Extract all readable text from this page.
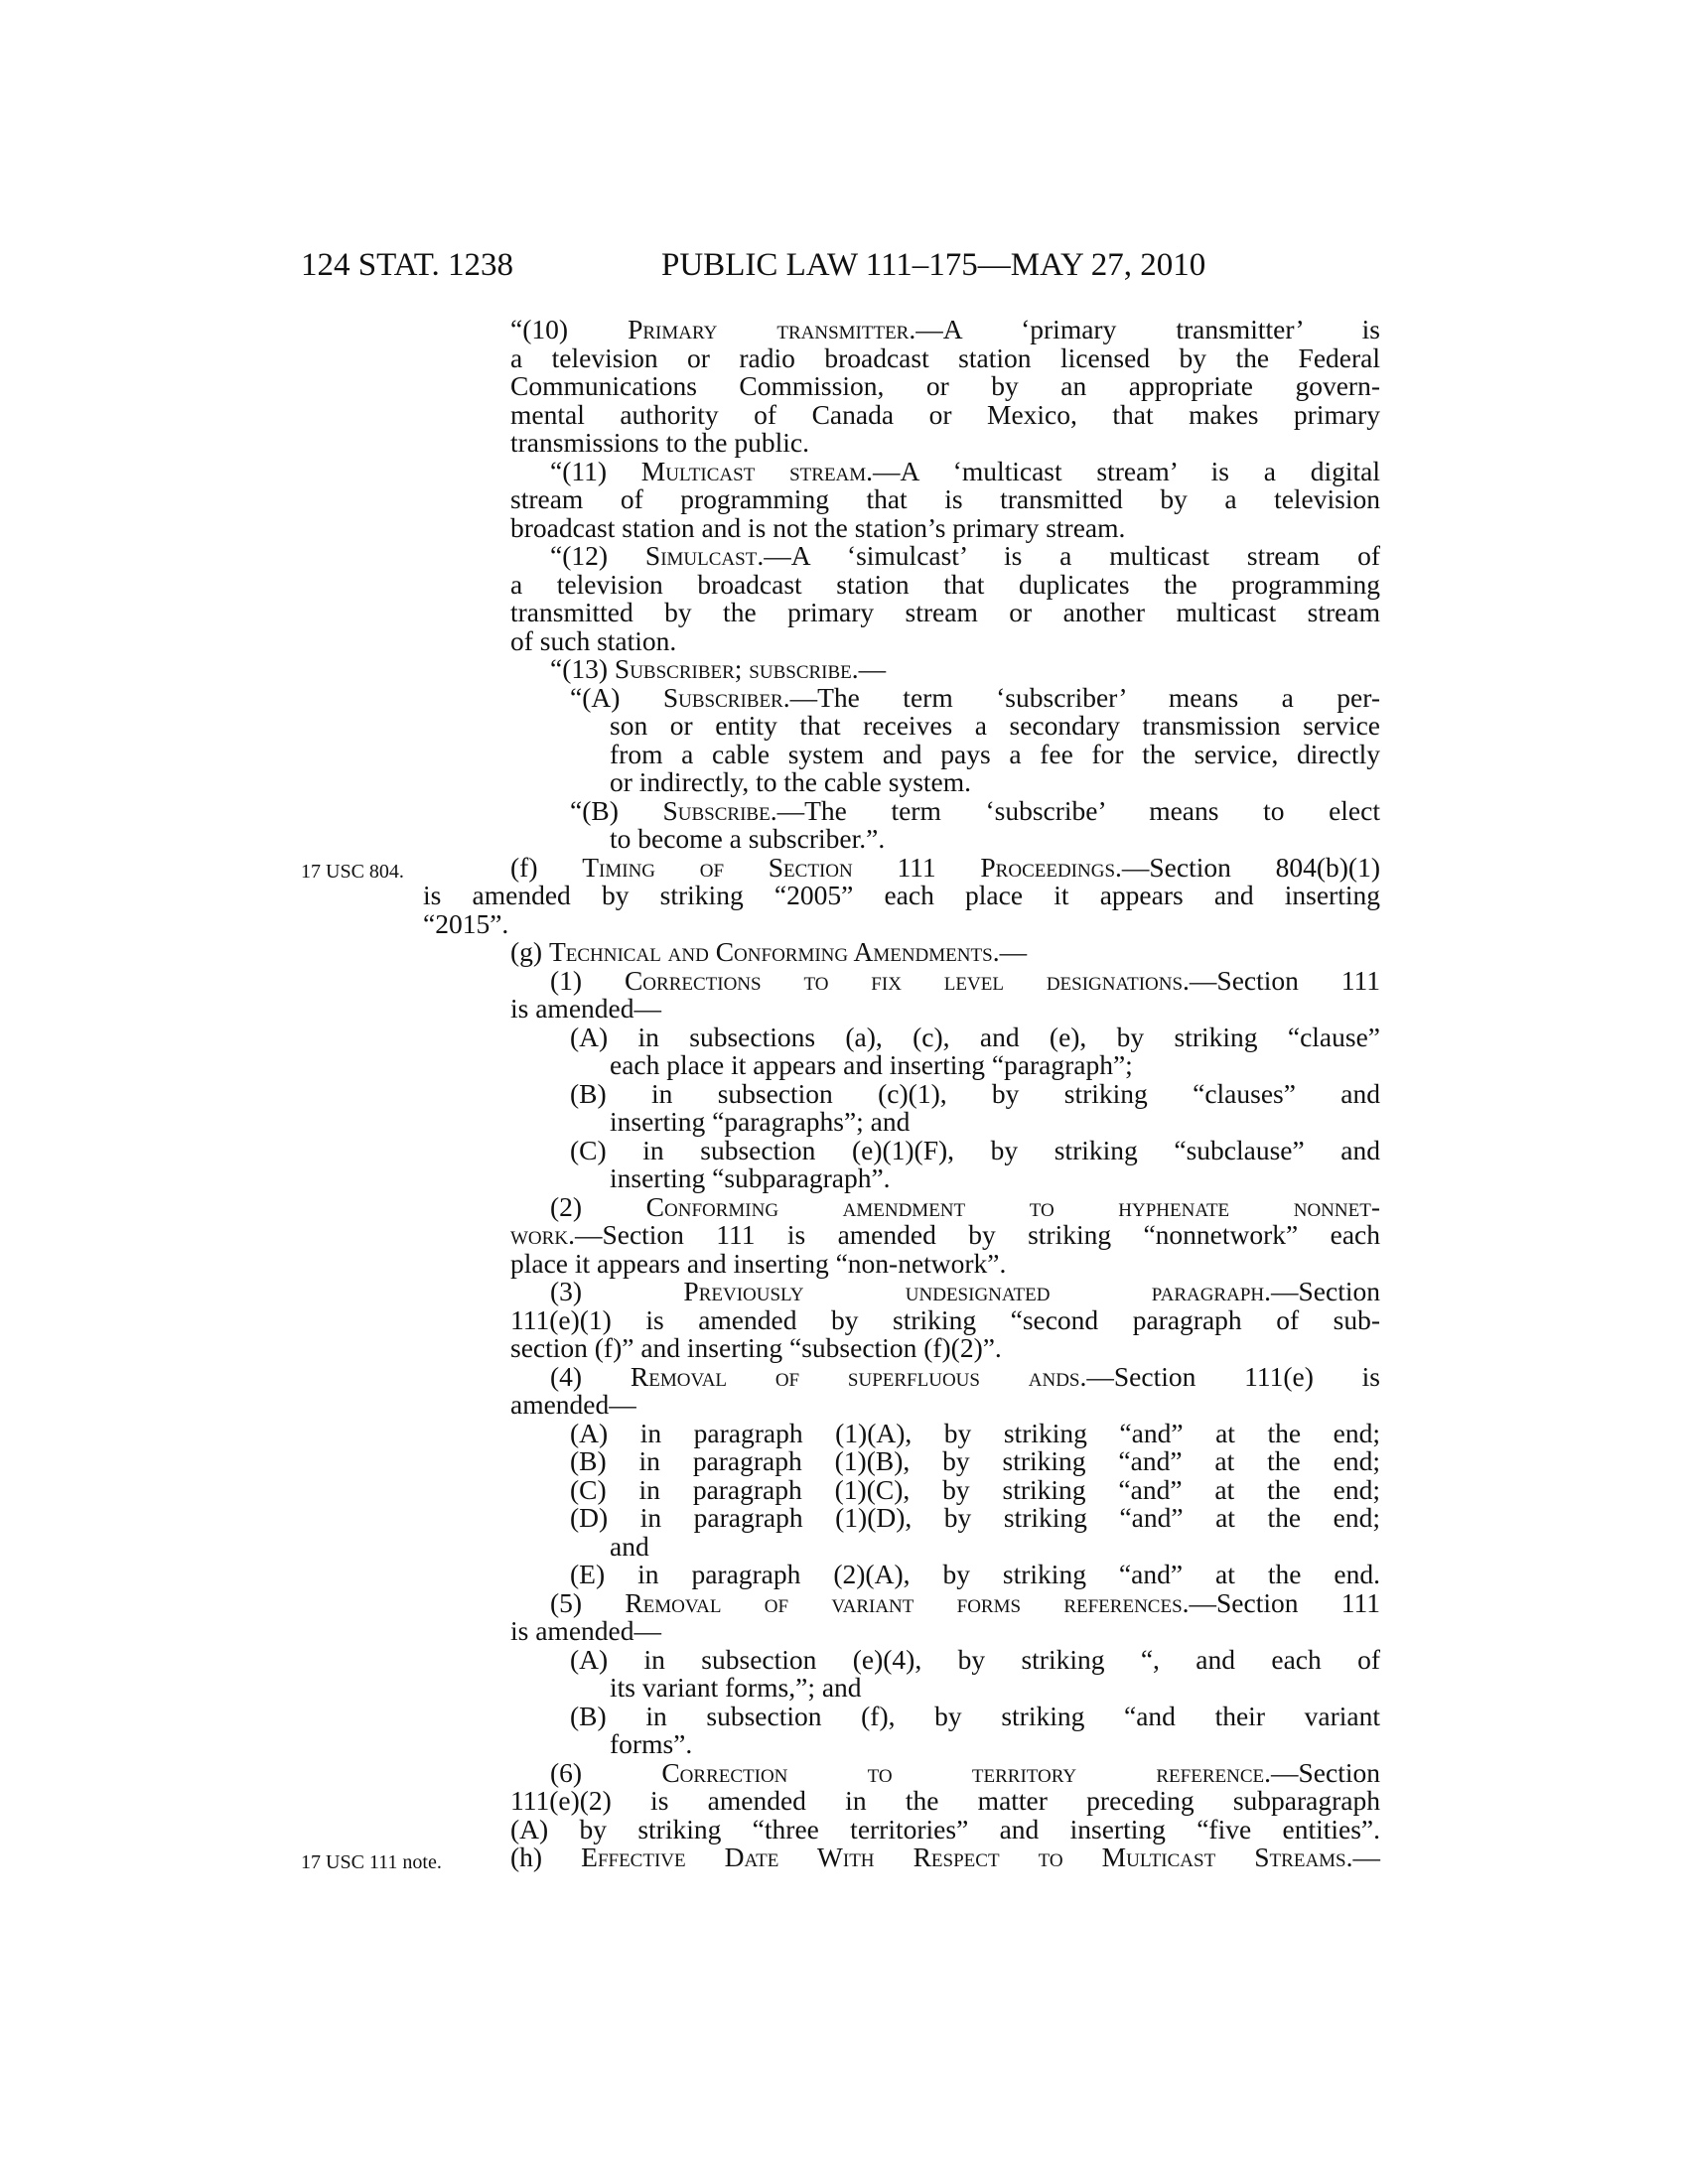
124 STAT. 1238	PUBLIC LAW 111–175—MAY 27, 2010
17 USC 804.
17 USC 111 note.
“(10) Primary transmitter.—A ‘primary transmitter’ is
a television or radio broadcast station licensed by the Federal
Communications Commission, or by an appropriate govern-
mental authority of Canada or Mexico, that makes primary
transmissions to the public.
“(11) Multicast stream.—A ‘multicast stream’ is a digital
stream of programming that is transmitted by a television
broadcast station and is not the station’s primary stream.
“(12) Simulcast.—A ‘simulcast’ is a multicast stream of
a television broadcast station that duplicates the programming
transmitted by the primary stream or another multicast stream
of such station.
“(13) Subscriber; subscribe.—
“(A) Subscriber.—The term ‘subscriber’ means a per-
son or entity that receives a secondary transmission service
from a cable system and pays a fee for the service, directly
or indirectly, to the cable system.
“(B) Subscribe.—The term ‘subscribe’ means to elect
to become a subscriber.”.
(f) Timing of Section 111 Proceedings.—Section 804(b)(1)
is amended by striking “2005” each place it appears and inserting
“2015”.
(g) Technical and Conforming Amendments.—
(1) Corrections to fix level designations.—Section 111
is amended—
(A) in subsections (a), (c), and (e), by striking “clause”
each place it appears and inserting “paragraph”;
(B) in subsection (c)(1), by striking “clauses” and
inserting “paragraphs”; and
(C) in subsection (e)(1)(F), by striking “subclause” and
inserting “subparagraph”.
(2) Conforming amendment to hyphenate nonnet-
work.—Section 111 is amended by striking “nonnetwork” each
place it appears and inserting “non-network”.
(3) Previously undesignated paragraph.—Section
111(e)(1) is amended by striking “second paragraph of sub-
section (f)” and inserting “subsection (f)(2)”.
(4) Removal of superfluous ands.—Section 111(e) is
amended—
(A) in paragraph (1)(A), by striking “and” at the end;
(B) in paragraph (1)(B), by striking “and” at the end;
(C) in paragraph (1)(C), by striking “and” at the end;
(D) in paragraph (1)(D), by striking “and” at the end;
and
(E) in paragraph (2)(A), by striking “and” at the end.
(5) Removal of variant forms references.—Section 111
is amended—
(A) in subsection (e)(4), by striking “, and each of
its variant forms,”; and
(B) in subsection (f), by striking “and their variant
forms”.
(6) Correction to territory reference.—Section
111(e)(2) is amended in the matter preceding subparagraph
(A) by striking “three territories” and inserting “five entities”.
(h) Effective Date With Respect to Multicast Streams.—
